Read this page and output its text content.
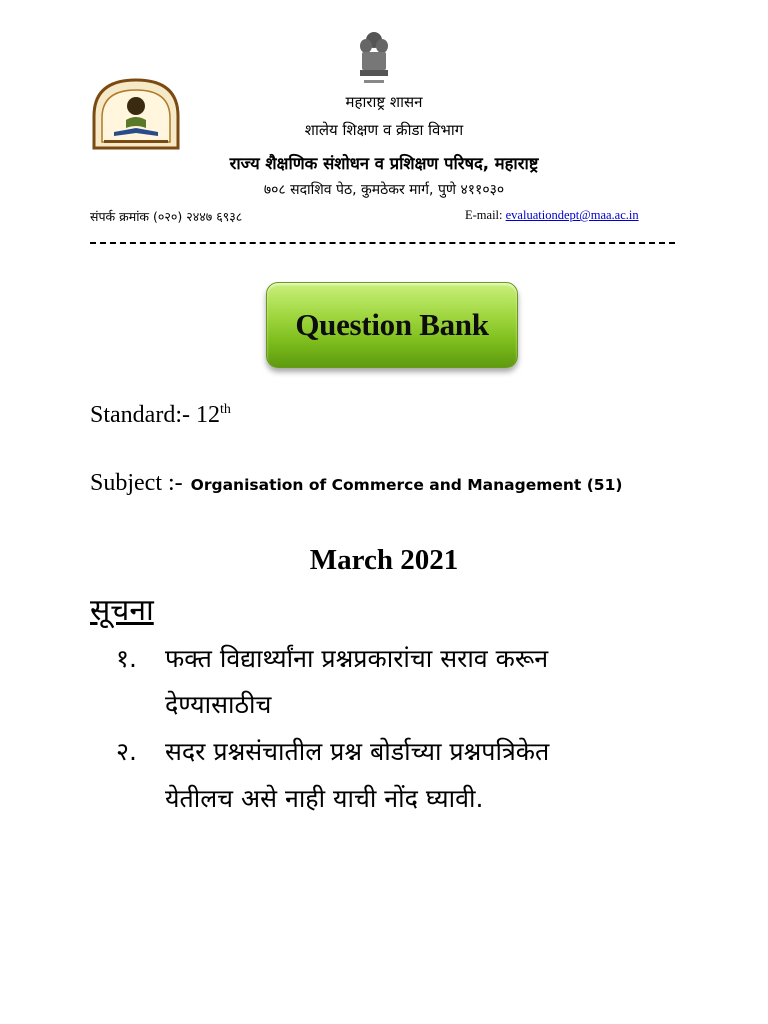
महाराष्ट्र शासन
शालेय शिक्षण व क्रीडा विभाग
राज्य शैक्षणिक संशोधन व प्रशिक्षण परिषद, महाराष्ट्र
७०८ सदाशिव पेठ, कुमठेकर मार्ग, पुणे ४११०३०
संपर्क क्रमांक (०२०) २४४७ ६९३८	E-mail: evaluationdept@maa.ac.in
Question Bank
Standard:- 12th
Subject :- Organisation of Commerce and Management (51)
March 2021
सूचना
१. फक्त विद्यार्थ्यांना प्रश्नप्रकारांचा सराव करून
देण्यासाठीच
२. सदर प्रश्नसंचातील प्रश्न बोर्डाच्या प्रश्नपत्रिकेत
येतीलच असे नाही याची नोंद घ्यावी.
